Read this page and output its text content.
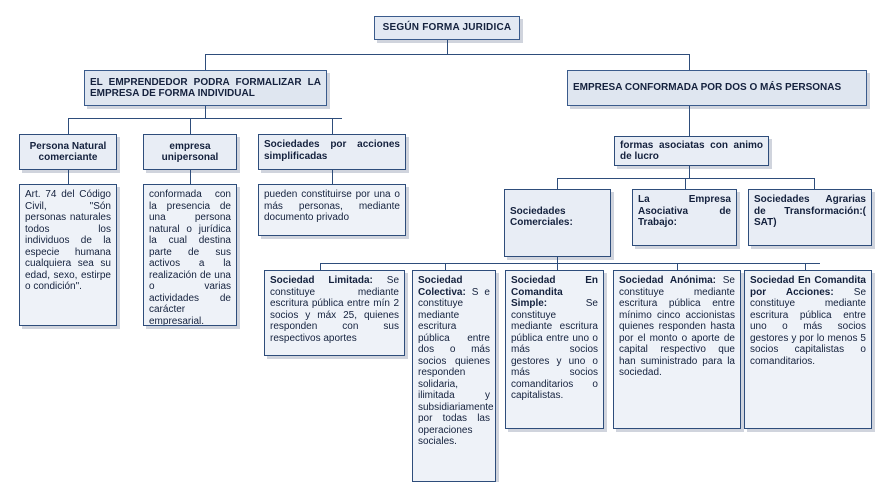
SEGÚN FORMA JURIDICA
EL EMPRENDEDOR PODRA FORMALIZAR LA EMPRESA DE FORMA INDIVIDUAL
EMPRESA CONFORMADA POR DOS O MÁS PERSONAS
Persona Natural comerciante
empresa unipersonal
Sociedades por acciones simplificadas
Art. 74 del Código Civil, "Són personas naturales todos los individuos de la especie humana cualquiera sea su edad, sexo, estirpe o condición".
conformada con la presencia de una persona natural o jurídica la cual destina parte de sus activos a la realización de una o varias actividades de carácter empresarial.
pueden constituirse por una o más personas, mediante documento privado
formas asociatas con animo de lucro
Sociedades Comerciales:
La Empresa Asociativa de Trabajo:
Sociedades Agrarias de Transformación:( SAT)
Sociedad Limitada: Se constituye mediante escritura pública entre mín 2 socios y máx 25, quienes responden con sus respectivos aportes
Sociedad Colectiva: S e constituye mediante escritura pública entre dos o más socios quienes responden solidaria, ilimitada y subsidiariamente por todas las operaciones sociales.
Sociedad En Comandita Simple: Se constituye mediante escritura pública entre uno o más socios gestores y uno o más socios comanditarios o capitalistas.
Sociedad Anónima: Se constituye mediante escritura pública entre mínimo cinco accionistas quienes responden hasta por el monto o aporte de capital respectivo que han suministrado para la sociedad.
Sociedad En Comandita por Acciones: Se constituye mediante escritura pública entre uno o más socios gestores y por lo menos 5 socios capitalistas o comanditarios.
